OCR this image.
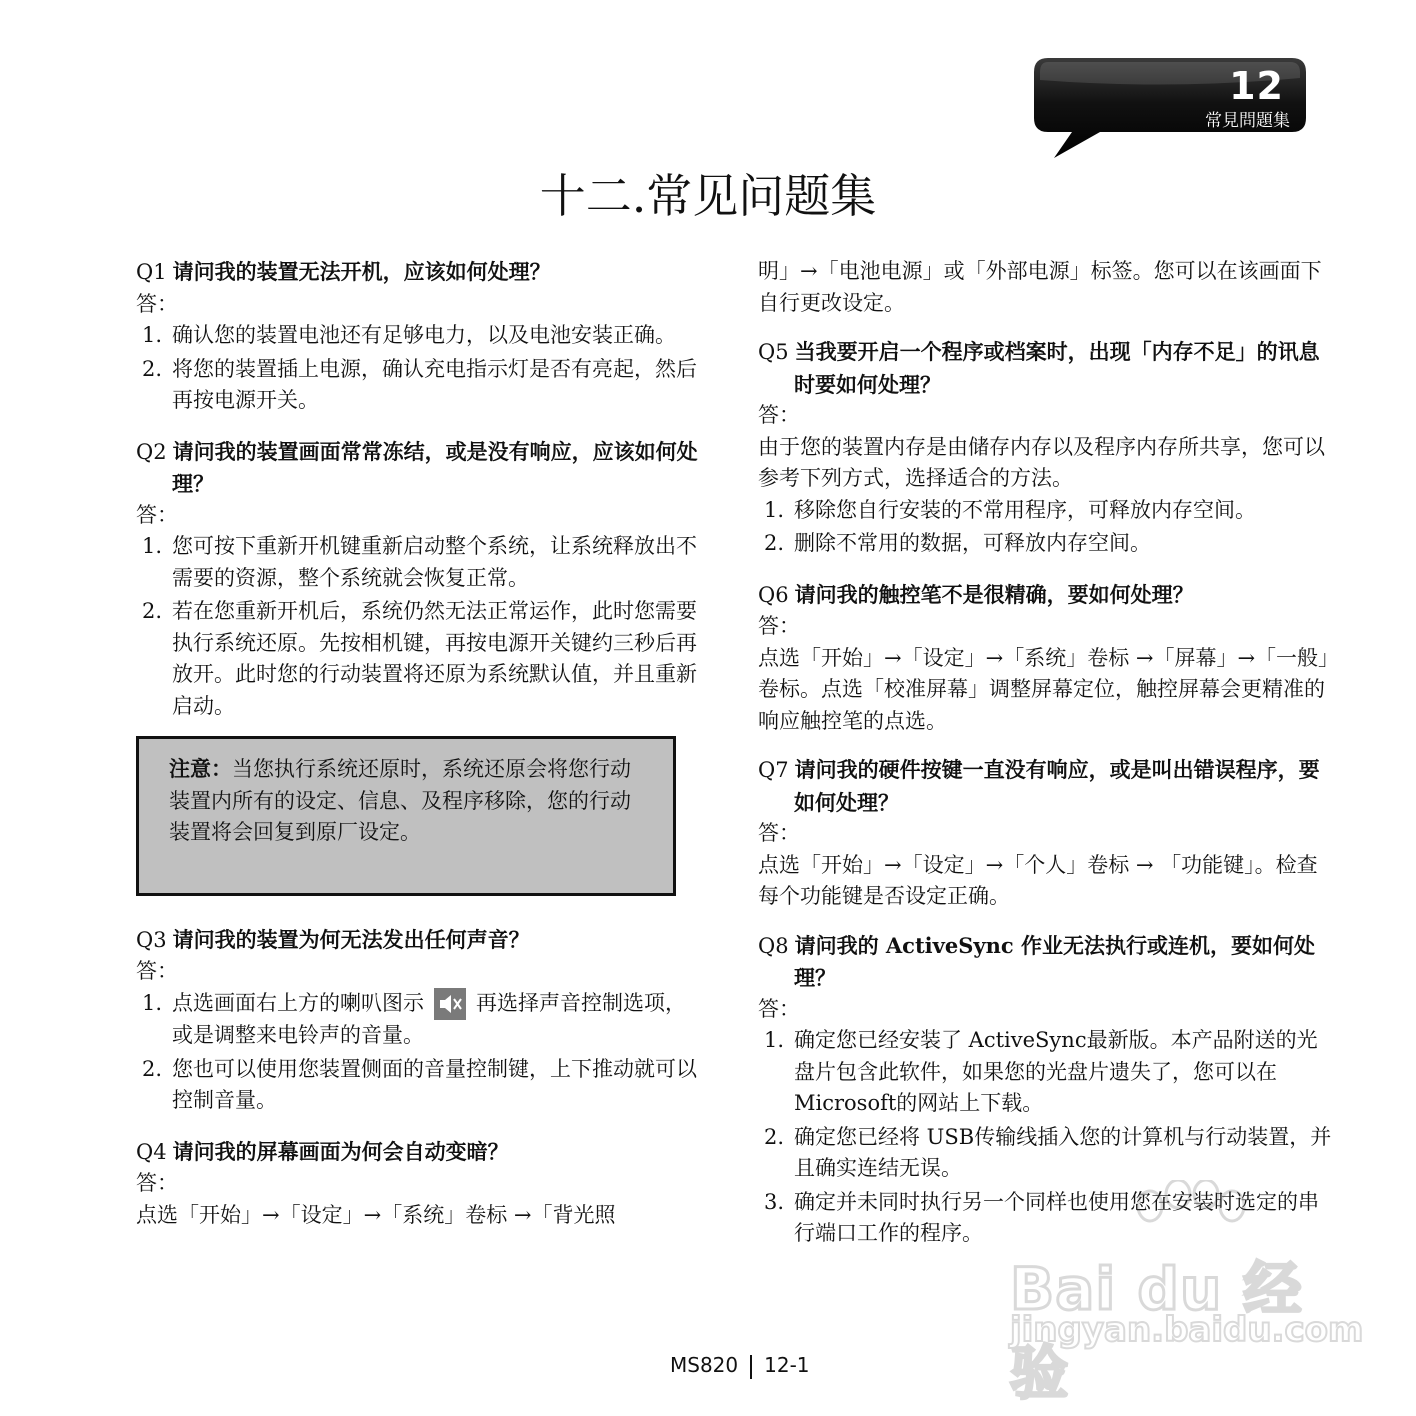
12
常見問題集
十二.常见问题集

Q1 请问我的装置无法开机，应该如何处理？

答：

1. 确认您的装置电池还有足够电力，以及电池安装正确。
2. 将您的装置插上电源，确认充电指示灯是否有亮起，然后再按电源开关。

Q2 请问我的装置画面常常冻结，或是没有响应，应该如何处理？

答：

1. 您可按下重新开机键重新启动整个系统，让系统释放出不需要的资源，整个系统就会恢复正常。
2. 若在您重新开机后，系统仍然无法正常运作，此时您需要执行系统还原。先按相机键，再按电源开关键约三秒后再放开。此时您的行动装置将还原为系统默认值，并且重新启动。
注意：当您执行系统还原时，系统还原会将您行动装置内所有的设定、信息、及程序移除，您的行动装置将会回复到原厂设定。

Q3 请问我的装置为何无法发出任何声音？

答：

1. 点选画面右上方的喇叭图示 再选择声音控制选项，或是调整来电铃声的音量。
2. 您也可以使用您装置侧面的音量控制键，上下推动就可以控制音量。

Q4 请问我的屏幕画面为何会自动变暗？

答：

点选「开始」→「设定」→「系统」卷标 →「背光照

明」→「电池电源」或「外部电源」标签。您可以在该画面下自行更改设定。

Q5 当我要开启一个程序或档案时，出现「内存不足」的讯息时要如何处理？

答：

由于您的装置内存是由储存内存以及程序内存所共享，您可以参考下列方式，选择适合的方法。

1. 移除您自行安装的不常用程序，可释放内存空间。
2. 删除不常用的数据，可释放内存空间。

Q6 请问我的触控笔不是很精确，要如何处理？

答：

点选「开始」→「设定」→「系统」卷标 →「屏幕」→「一般」卷标。点选「校准屏幕」调整屏幕定位，触控屏幕会更精准的响应触控笔的点选。

Q7 请问我的硬件按键一直没有响应，或是叫出错误程序，要如何处理？

答：

点选「开始」→「设定」→「个人」卷标 → 「功能键」。检查每个功能键是否设定正确。

Q8 请问我的 ActiveSync 作业无法执行或连机，要如何处理？

答：

1. 确定您已经安装了 ActiveSync最新版。本产品附送的光盘片包含此软件，如果您的光盘片遗失了，您可以在 Microsoft的网站上下载。
2. 确定您已经将 USB传输线插入您的计算机与行动装置，并且确实连结无误。
3. 确定并未同时执行另一个同样也使用您在安装时选定的串行端口工作的程序。
Bai du 经验
jingyan.baidu.com
MS820 12-1
